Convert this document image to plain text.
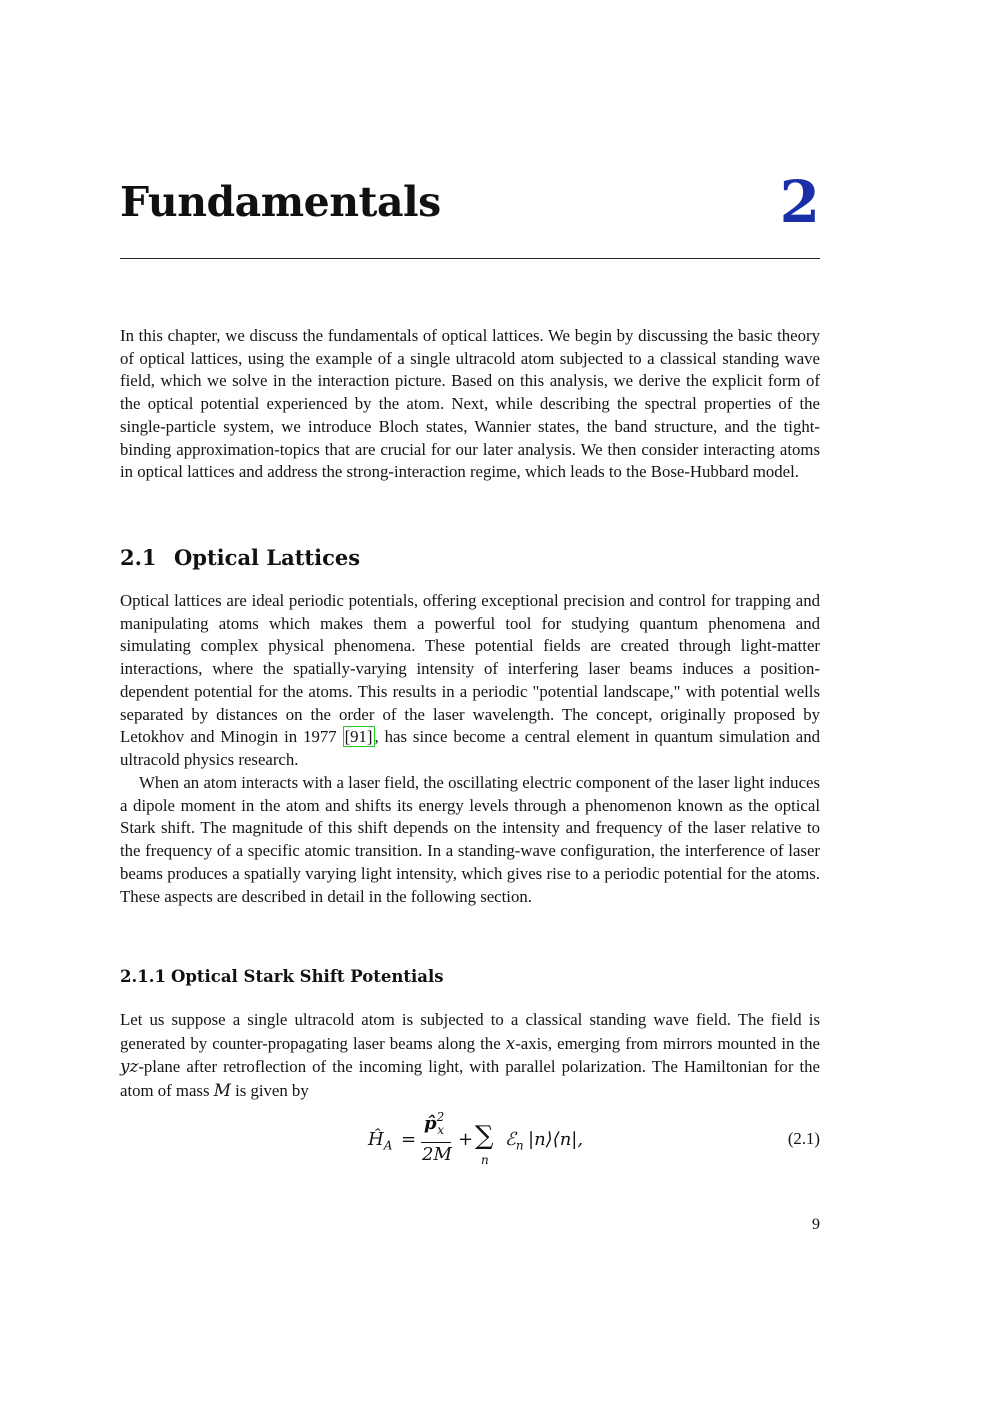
Fundamentals	2

In this chapter, we discuss the fundamentals of optical lattices. We begin by discussing the basic theory of optical lattices, using the example of a single ultracold atom subjected to a classical standing wave field, which we solve in the interaction picture. Based on this analysis, we derive the explicit form of the optical potential experienced by the atom. Next, while describing the spectral properties of the single-particle system, we introduce Bloch states, Wannier states, the band structure, and the tight-binding approximation-topics that are crucial for our later analysis. We then consider interacting atoms in optical lattices and address the strong-interaction regime, which leads to the Bose-Hubbard model.

2.1 Optical Lattices

Optical lattices are ideal periodic potentials, offering exceptional precision and control for trapping and manipulating atoms which makes them a powerful tool for studying quantum phenomena and simulating complex physical phenomena. These potential fields are created through light-matter interactions, where the spatially-varying intensity of interfering laser beams induces a position-dependent potential for the atoms. This results in a periodic "potential landscape," with potential wells separated by distances on the order of the laser wavelength. The concept, originally proposed by Letokhov and Minogin in 1977 [91] , has since become a central element in quantum simulation and ultracold physics research.

When an atom interacts with a laser field, the oscillating electric component of the laser light induces a dipole moment in the atom and shifts its energy levels through a phenomenon known as the optical Stark shift. The magnitude of this shift depends on the intensity and frequency of the laser relative to the frequency of a specific atomic transition. In a standing-wave configuration, the interference of laser beams produces a spatially varying light intensity, which gives rise to a periodic potential for the atoms. These aspects are described in detail in the following section.

2.1.1 Optical Stark Shift Potentials

Let us suppose a single ultracold atom is subjected to a classical standing wave field. The field is generated by counter-propagating laser beams along the x-axis, emerging from mirrors mounted in the yz-plane after retroflection of the incoming light, with parallel polarization. The Hamiltonian for the atom of mass M is given by

$Ĥ_A$ =
p̂$^2_x$
2M
+ ∑
n
ℰ$_n$ |n⟩⟨n|,	(2.1)
9
